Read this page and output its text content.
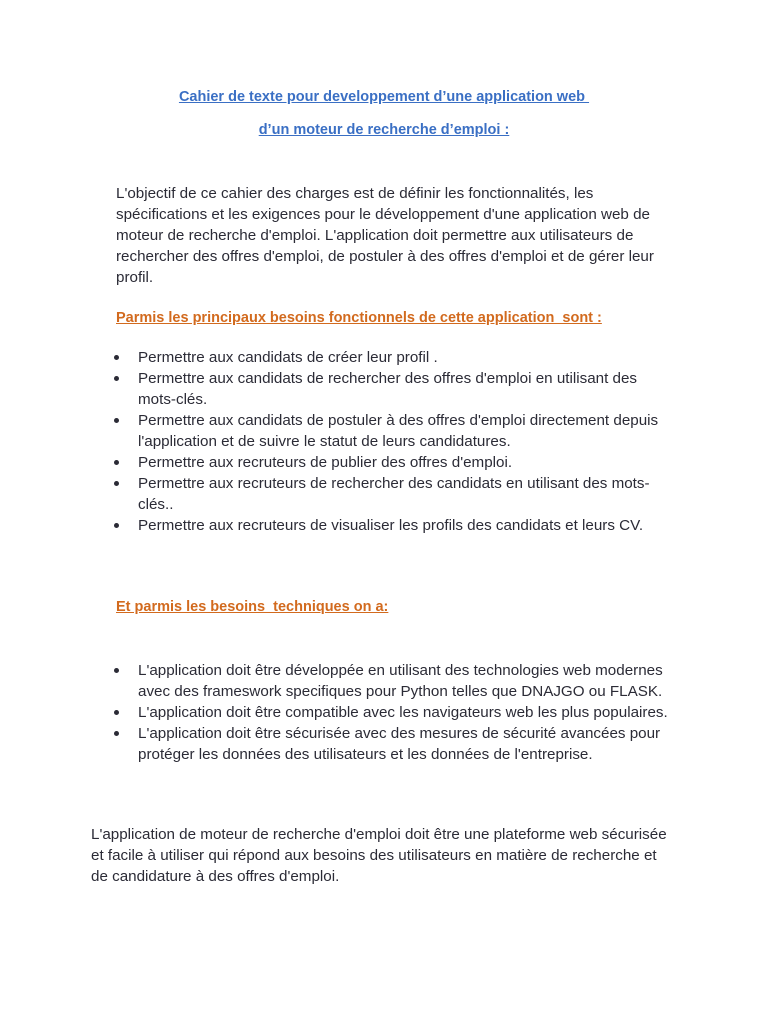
Cahier de texte pour developpement d’une application web
d’un moteur de recherche d’emploi :

L'objectif de ce cahier des charges est de définir les fonctionnalités, les spécifications et les exigences pour le développement d'une application web de moteur de recherche d'emploi. L'application doit permettre aux utilisateurs de rechercher des offres d'emploi, de postuler à des offres d'emploi et de gérer leur profil.

Parmis les principaux besoins fonctionnels de cette application  sont :
Permettre aux candidats de créer leur profil .
Permettre aux candidats de rechercher des offres d'emploi en utilisant des mots-clés.
Permettre aux candidats de postuler à des offres d'emploi directement depuis l'application et de suivre le statut de leurs candidatures.
Permettre aux recruteurs de publier des offres d'emploi.
Permettre aux recruteurs de rechercher des candidats en utilisant des mots-clés..
Permettre aux recruteurs de visualiser les profils des candidats et leurs CV.
Et parmis les besoins  techniques on a:
L'application doit être développée en utilisant des technologies web modernes avec des frameswork specifiques pour Python telles que DNAJGO ou FLASK.
L'application doit être compatible avec les navigateurs web les plus populaires.
L'application doit être sécurisée avec des mesures de sécurité avancées pour protéger les données des utilisateurs et les données de l'entreprise.

L'application de moteur de recherche d'emploi doit être une plateforme web sécurisée et facile à utiliser qui répond aux besoins des utilisateurs en matière de recherche et de candidature à des offres d'emploi.
